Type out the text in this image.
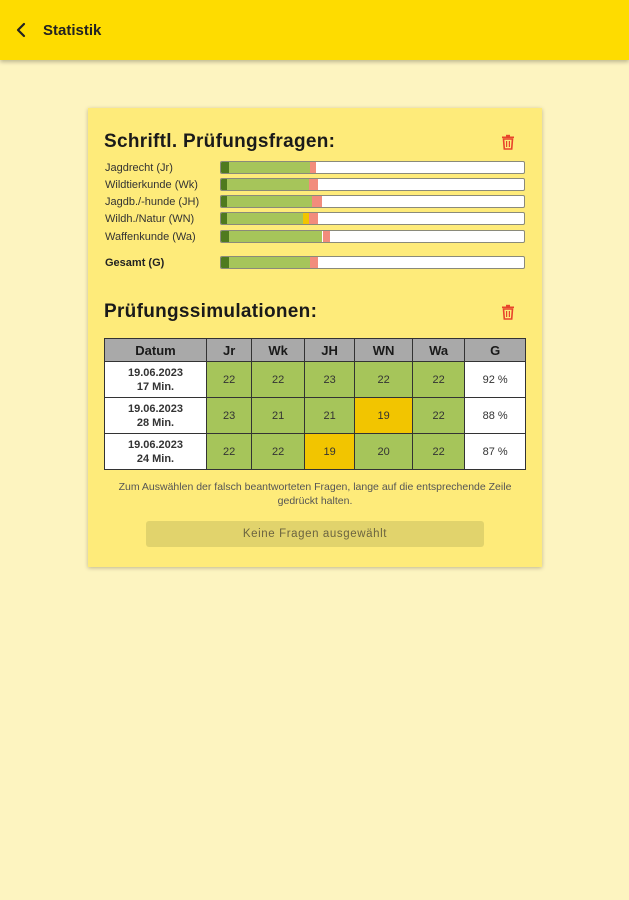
Statistik
Schriftl. Prüfungsfragen:
Jagdrecht (Jr)
Wildtierkunde (Wk)
Jagdb./-hunde (JH)
Wildh./Natur (WN)
Waffenkunde (Wa)
Gesamt (G)
Prüfungssimulationen:
Datum	Jr	Wk	JH	WN	Wa	G

19.06.2023
17 Min.	22	22	23	22	22	92 %

19.06.2023
28 Min.	23	21	21	19	22	88 %

19.06.2023
24 Min.	22	22	19	20	22	87 %
Zum Auswählen der falsch beantworteten Fragen, lange auf die entsprechende Zeile gedrückt halten.
Keine Fragen ausgewählt
